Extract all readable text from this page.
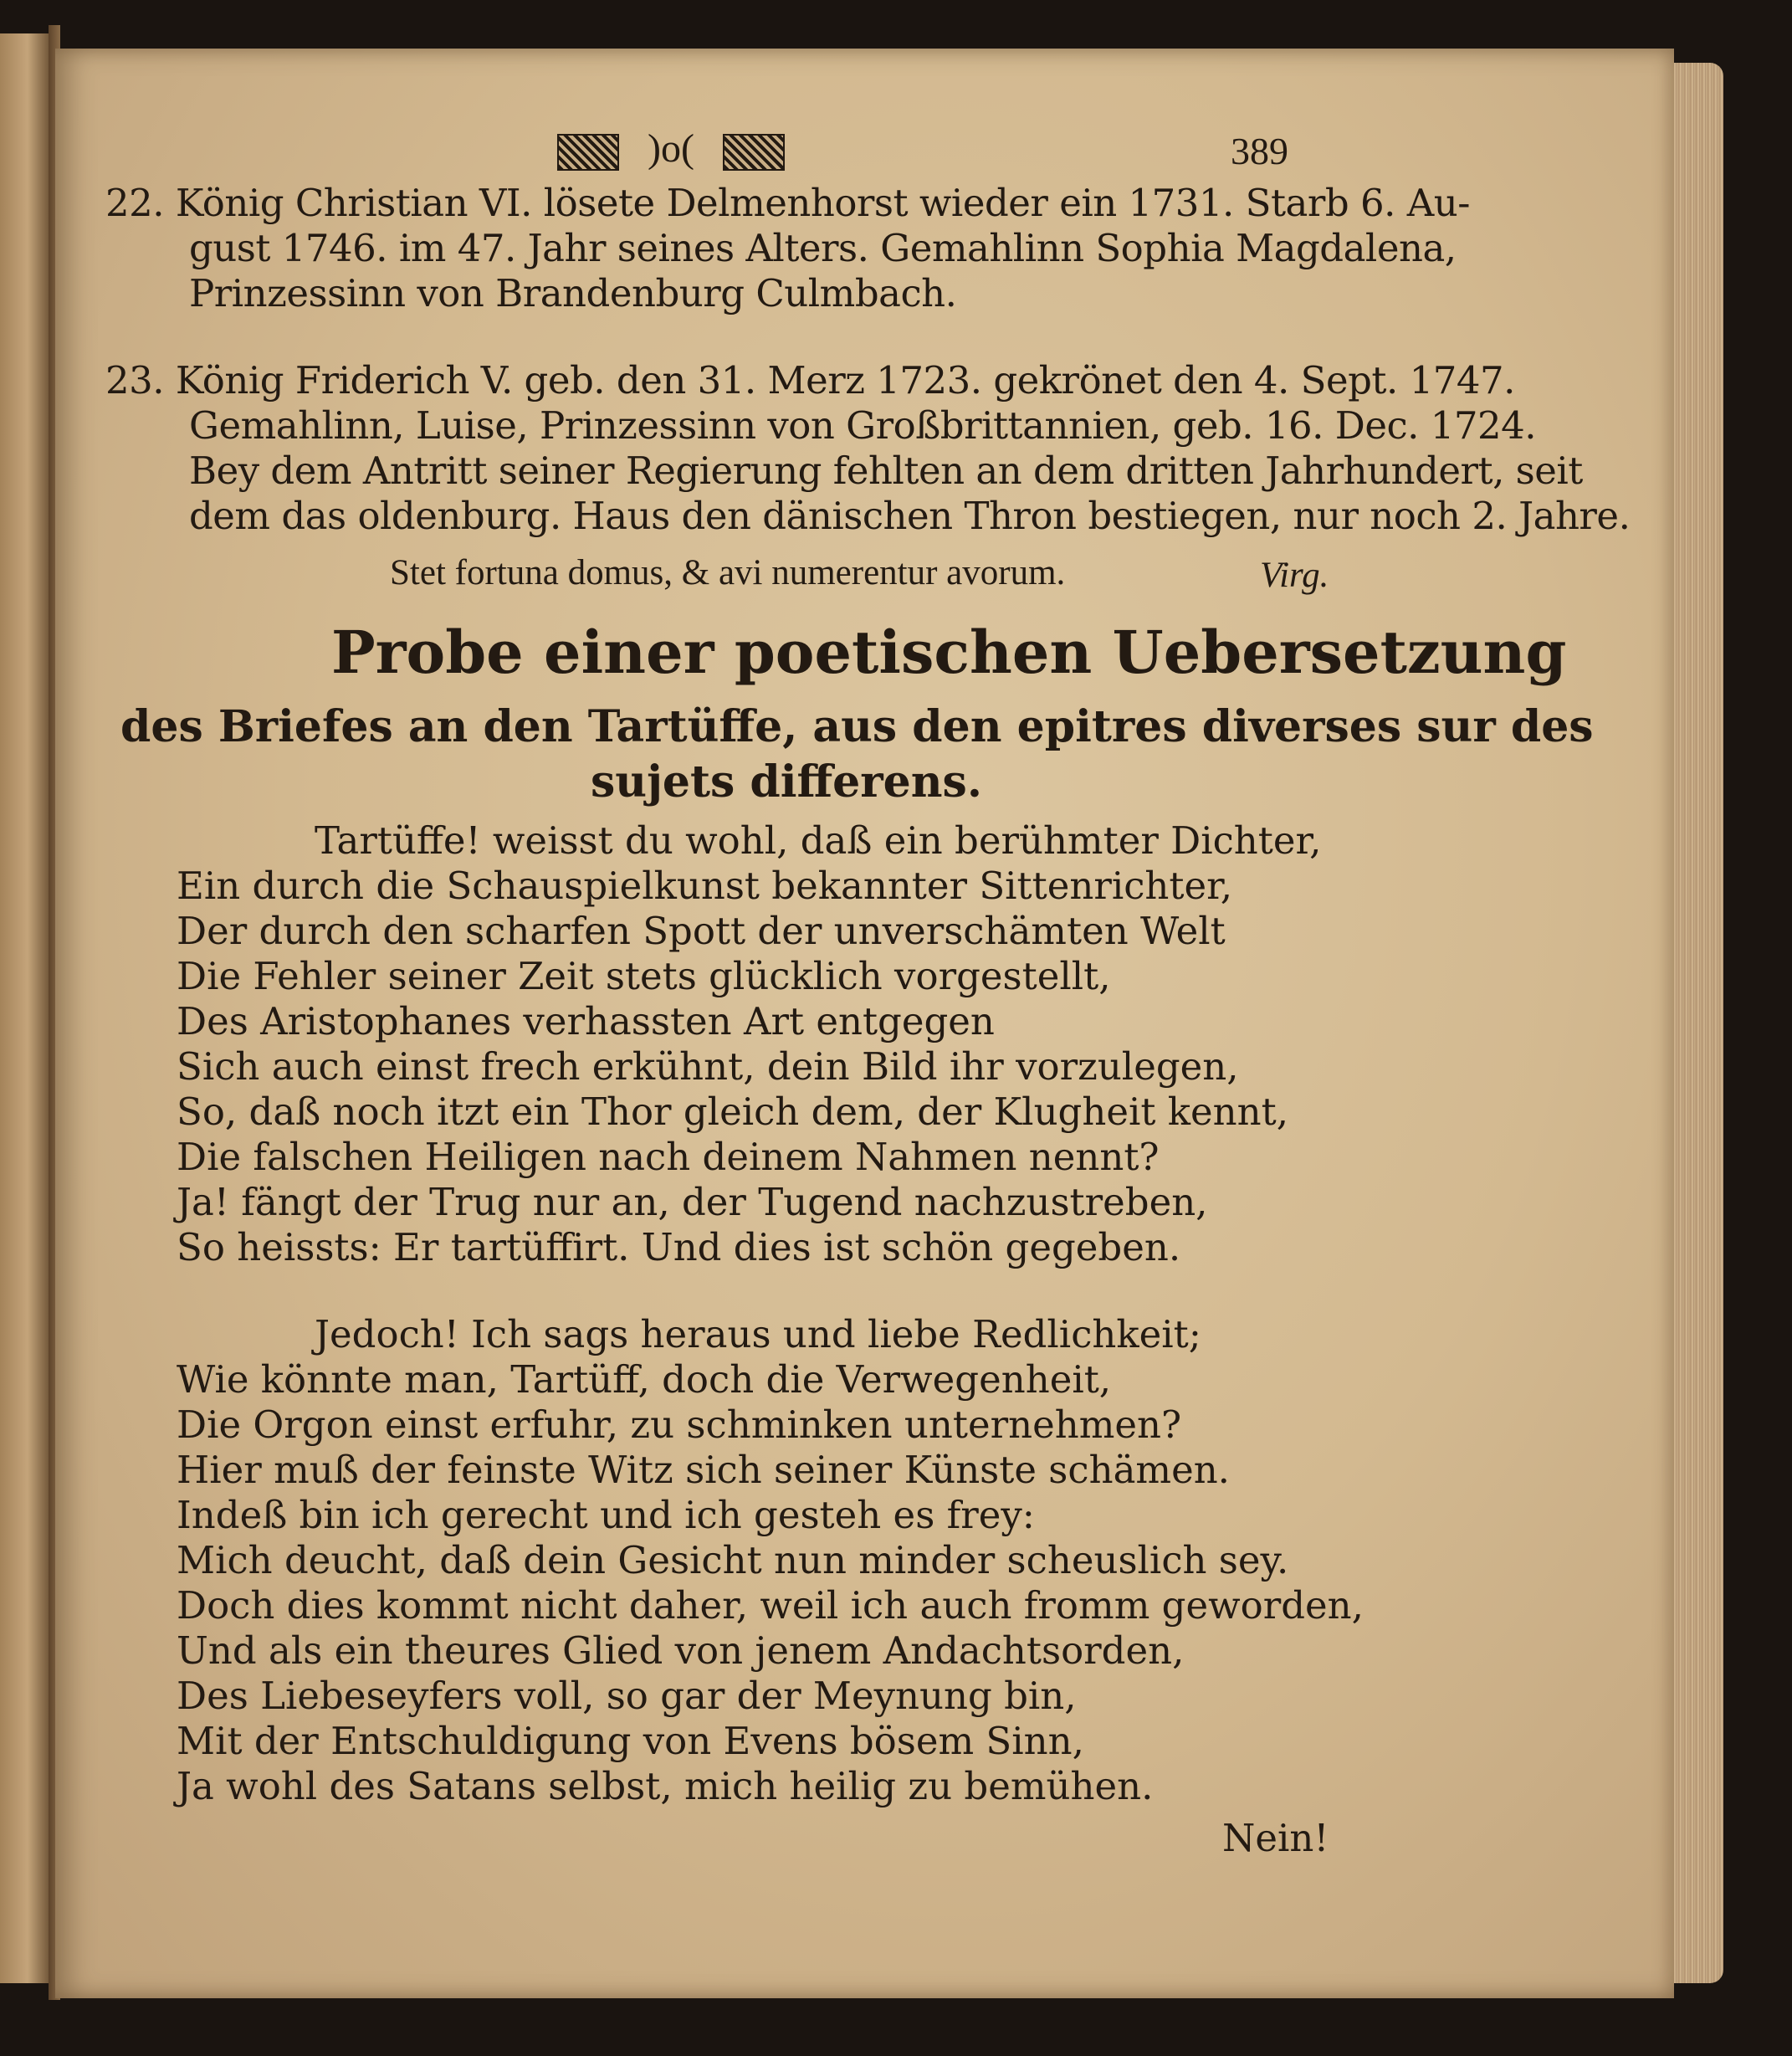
)o(	389
22. König Christian VI. lösete Delmenhorst wieder ein 1731. Starb 6. Au-
gust 1746. im 47. Jahr seines Alters. Gemahlinn Sophia Magdalena,
Prinzessinn von Brandenburg Culmbach.
23. König Friderich V. geb. den 31. Merz 1723. gekrönet den 4. Sept. 1747.
Gemahlinn, Luise, Prinzessinn von Großbrittannien, geb. 16. Dec. 1724.
Bey dem Antritt seiner Regierung fehlten an dem dritten Jahrhundert, seit
dem das oldenburg. Haus den dänischen Thron bestiegen, nur noch 2. Jahre.
Stet fortuna domus, & avi numerentur avorum.	Virg.
Probe einer poetischen Uebersetzung
des Briefes an den Tartüffe, aus den epitres diverses sur des
sujets differens.
Tartüffe! weisst du wohl, daß ein berühmter Dichter,
Ein durch die Schauspielkunst bekannter Sittenrichter,
Der durch den scharfen Spott der unverschämten Welt
Die Fehler seiner Zeit stets glücklich vorgestellt,
Des Aristophanes verhassten Art entgegen
Sich auch einst frech erkühnt, dein Bild ihr vorzulegen,
So, daß noch itzt ein Thor gleich dem, der Klugheit kennt,
Die falschen Heiligen nach deinem Nahmen nennt?
Ja! fängt der Trug nur an, der Tugend nachzustreben,
So heissts: Er tartüffirt. Und dies ist schön gegeben.
Jedoch! Ich sags heraus und liebe Redlichkeit;
Wie könnte man, Tartüff, doch die Verwegenheit,
Die Orgon einst erfuhr, zu schminken unternehmen?
Hier muß der feinste Witz sich seiner Künste schämen.
Indeß bin ich gerecht und ich gesteh es frey:
Mich deucht, daß dein Gesicht nun minder scheuslich sey.
Doch dies kommt nicht daher, weil ich auch fromm geworden,
Und als ein theures Glied von jenem Andachtsorden,
Des Liebeseyfers voll, so gar der Meynung bin,
Mit der Entschuldigung von Evens bösem Sinn,
Ja wohl des Satans selbst, mich heilig zu bemühen.
Nein!
